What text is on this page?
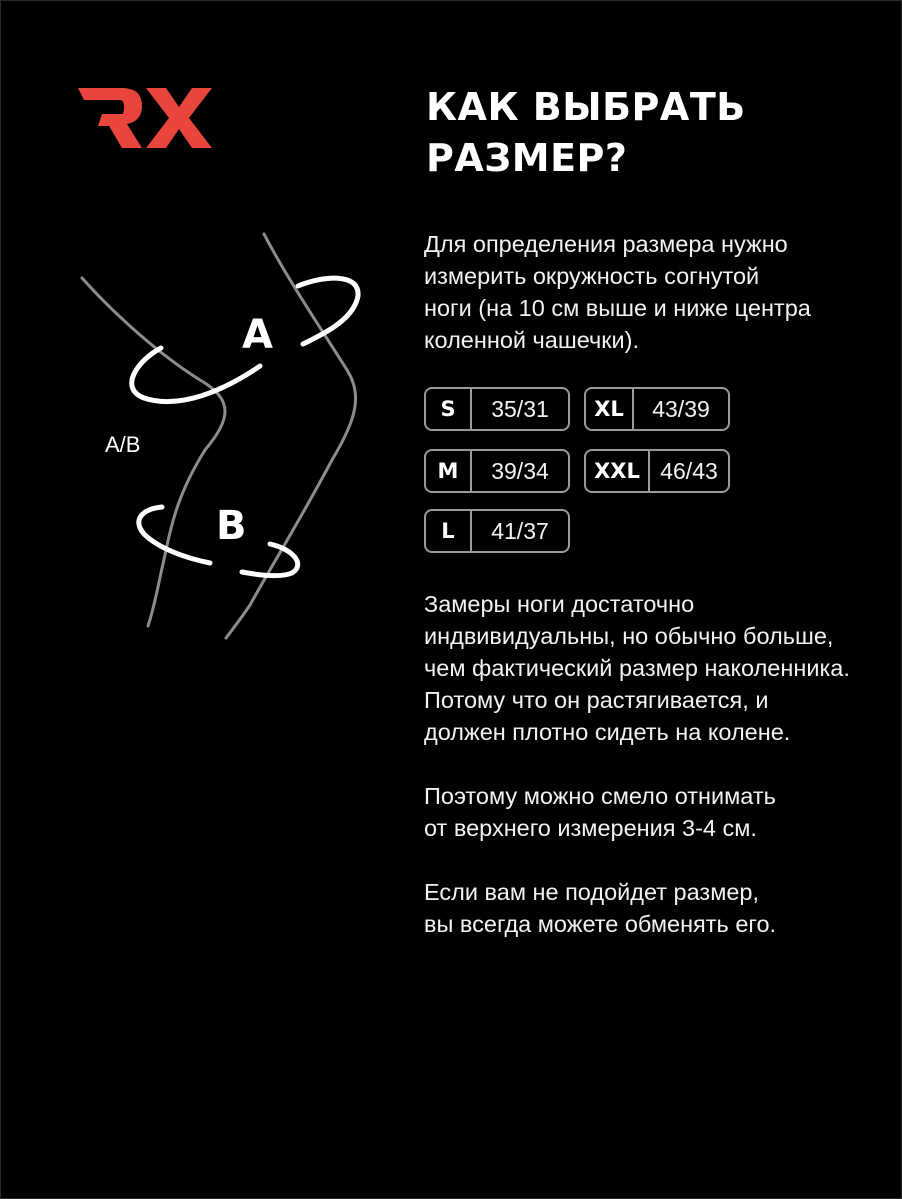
КАК ВЫБРАТЬ
РАЗМЕР?

Для определения размера нужно
измерить окружность согнутой
ноги (на 10 см выше и ниже центра
коленной чашечки).

A
B
A/B
S	35/31	XL	43/39
M	39/34	XXL 46/43
L	41/37

Замеры ноги достаточно
индвивидуальны, но обычно больше,
чем фактический размер наколенника.
Потому что он растягивается, и
должен плотно сидеть на колене.

Поэтому можно смело отнимать
от верхнего измерения 3-4 см.

Если вам не подойдет размер,
вы всегда можете обменять его.
